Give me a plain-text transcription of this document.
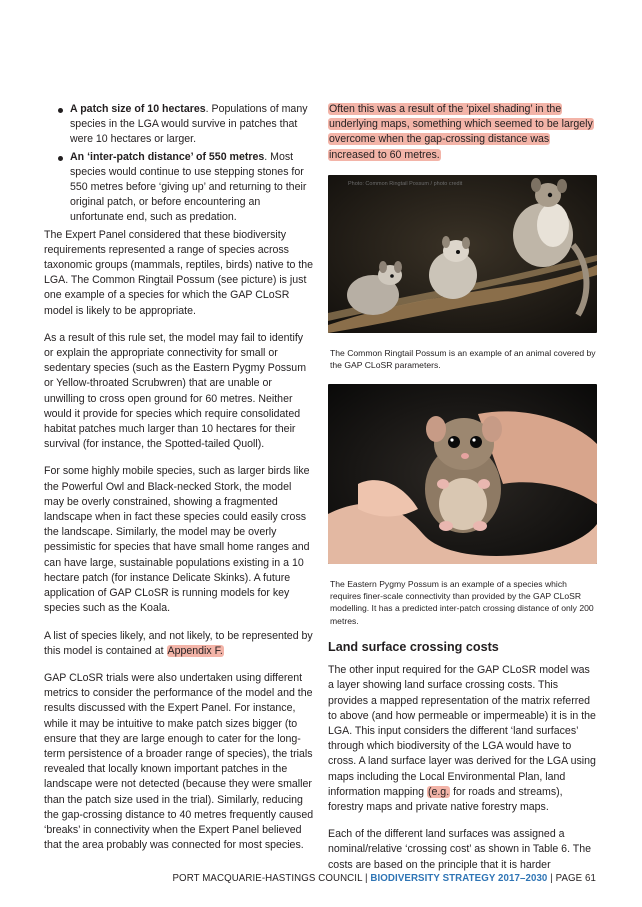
A patch size of 10 hectares. Populations of many species in the LGA would survive in patches that were 10 hectares or larger.
An ‘inter-patch distance’ of 550 metres. Most species would continue to use stepping stones for 550 metres before ‘giving up’ and returning to their original patch, or before encountering an unfortunate end, such as predation.

The Expert Panel considered that these biodiversity requirements represented a range of species across taxonomic groups (mammals, reptiles, birds) native to the LGA. The Common Ringtail Possum (see picture) is just one example of a species for which the GAP CLoSR model is likely to be appropriate.

As a result of this rule set, the model may fail to identify or explain the appropriate connectivity for small or sedentary species (such as the Eastern Pygmy Possum or Yellow-throated Scrubwren) that are unable or unwilling to cross open ground for 60 metres. Neither would it provide for species which require consolidated habitat patches much larger than 10 hectares for their survival (for instance, the Spotted-tailed Quoll).

For some highly mobile species, such as larger birds like the Powerful Owl and Black-necked Stork, the model may be overly constrained, showing a fragmented landscape when in fact these species could easily cross the landscape. Similarly, the model may be overly pessimistic for species that have small home ranges and can have large, sustainable populations existing in a 10 hectare patch (for instance Delicate Skinks). A future application of GAP CLoSR is running models for key species such as the Koala.

A list of species likely, and not likely, to be represented by this model is contained at Appendix F.

GAP CLoSR trials were also undertaken using different metrics to consider the performance of the model and the results discussed with the Expert Panel. For instance, while it may be intuitive to make patch sizes bigger (to ensure that they are large enough to cater for the long-term persistence of a broader range of species), the trials revealed that locally known important patches in the landscape were not detected (because they were smaller than the patch size used in the trial). Similarly, reducing the gap-crossing distance to 40 metres frequently caused ‘breaks’ in connectivity when the Expert Panel believed that the area probably was connected for most species.

Often this was a result of the ‘pixel shading’ in the underlying maps, something which seemed to be largely overcome when the gap-crossing distance was increased to 60 metres.

Photo: Common Ringtail Possum / photo credit

The Common Ringtail Possum is an example of an animal covered by the GAP CLoSR parameters.

The Eastern Pygmy Possum is an example of a species which requires finer-scale connectivity than provided by the GAP CLoSR modelling. It has a predicted inter-patch crossing distance of only 200 metres.

Land surface crossing costs

The other input required for the GAP CLoSR model was a layer showing land surface crossing costs. This provides a mapped representation of the matrix referred to above (and how permeable or impermeable) it is in the LGA. This input considers the different ‘land surfaces’ through which biodiversity of the LGA would have to cross. A land surface layer was derived for the LGA using maps including the Local Environmental Plan, land information mapping (e.g. for roads and streams), forestry maps and private native forestry maps.

Each of the different land surfaces was assigned a nominal/relative ‘crossing cost’ as shown in Table 6. The costs are based on the principle that it is harder

PORT MACQUARIE-HASTINGS COUNCIL | BIODIVERSITY STRATEGY 2017–2030 | PAGE 61
